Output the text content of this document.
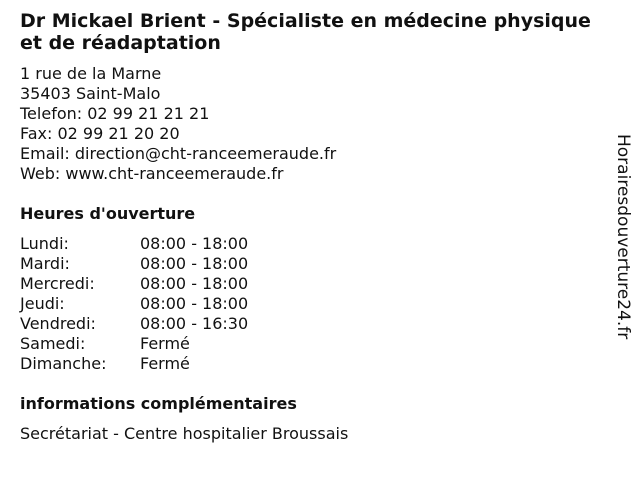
Dr Mickael Brient - Spécialiste en médecine physique
et de réadaptation
1 rue de la Marne
35403 Saint-Malo
Telefon: 02 99 21 21 21
Fax: 02 99 21 20 20
Email: direction@cht-ranceemeraude.fr
Web: www.cht-ranceemeraude.fr
Heures d'ouverture
Lundi:	08:00 - 18:00
Mardi:	08:00 - 18:00
Mercredi:	08:00 - 18:00
Jeudi:	08:00 - 18:00
Vendredi:	08:00 - 16:30
Samedi:	Fermé
Dimanche:	Fermé
informations complémentaires
Secrétariat - Centre hospitalier Broussais
Horairesdouverture24.fr
